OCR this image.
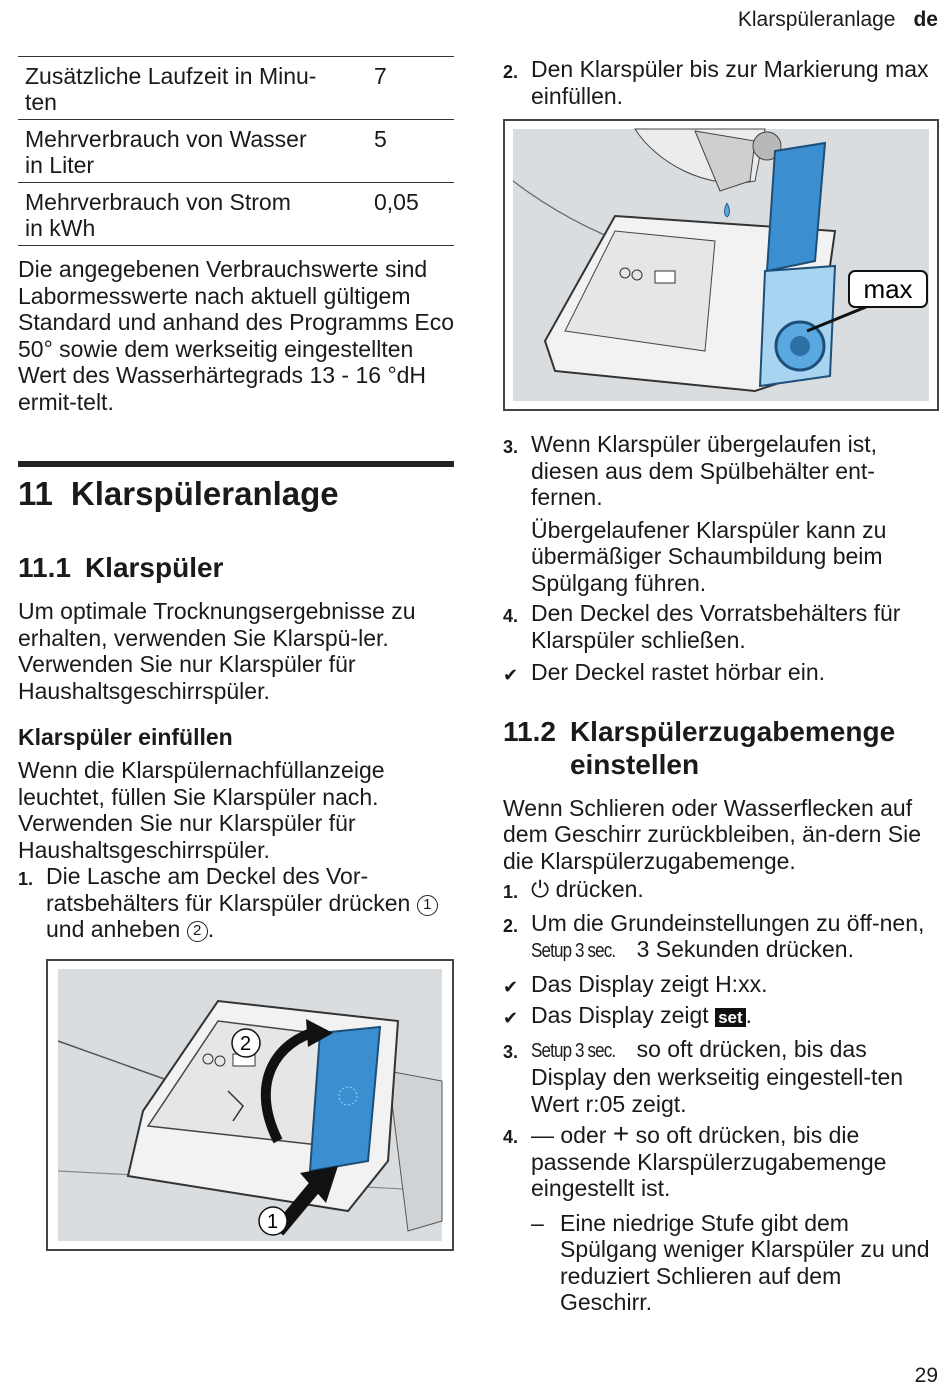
Klarspüleranlage de
Zusätzliche Laufzeit in Minu-
ten	7
Mehrverbrauch von Wasser
in Liter	5
Mehrverbrauch von Strom
in kWh	0,05

Die angegebenen Verbrauchswerte sind Labormesswerte nach aktuell gültigem Standard und anhand des Programms Eco 50° sowie dem werkseitig eingestellten Wert des Wasserhärtegrads 13 - 16 °dH ermit-telt.

11 Klarspüleranlage
11.1 Klarspüler

Um optimale Trocknungsergebnisse zu erhalten, verwenden Sie Klarspü-ler.

Verwenden Sie nur Klarspüler für Haushaltsgeschirrspüler.

Klarspüler einfüllen

Wenn die Klarspülernachfüllanzeige leuchtet, füllen Sie Klarspüler nach.

Verwenden Sie nur Klarspüler für Haushaltsgeschirrspüler.

1. Die Lasche am Deckel des Vor-ratsbehälters für Klarspüler drücken 1 und anheben 2 .
1
2
2. Den Klarspüler bis zur Markierung max einfüllen.
max
3. Wenn Klarspüler übergelaufen ist, diesen aus dem Spülbehälter ent-fernen.

Übergelaufener Klarspüler kann zu übermäßiger Schaumbildung beim Spülgang führen.

4. Den Deckel des Vorratsbehälters für Klarspüler schließen.
✔ Der Deckel rastet hörbar ein.
11.2 Klarspülerzugabemenge
einstellen

Wenn Schlieren oder Wasserflecken auf dem Geschirr zurückbleiben, än-dern Sie die Klarspülerzugabemenge.

1. ⏻ drücken.
2. Um die Grundeinstellungen zu öff-nen, Setup 3 sec. 3 Sekunden drücken.
✔ Das Display zeigt H:xx.
✔ Das Display zeigt set .
3. Setup 3 sec. so oft drücken, bis das Display den werkseitig eingestell-ten Wert r:05 zeigt.
4. — oder + so oft drücken, bis die passende Klarspülerzugabemenge eingestellt ist.
– Eine niedrige Stufe gibt dem Spülgang weniger Klarspüler zu und reduziert Schlieren auf dem Geschirr.
29
